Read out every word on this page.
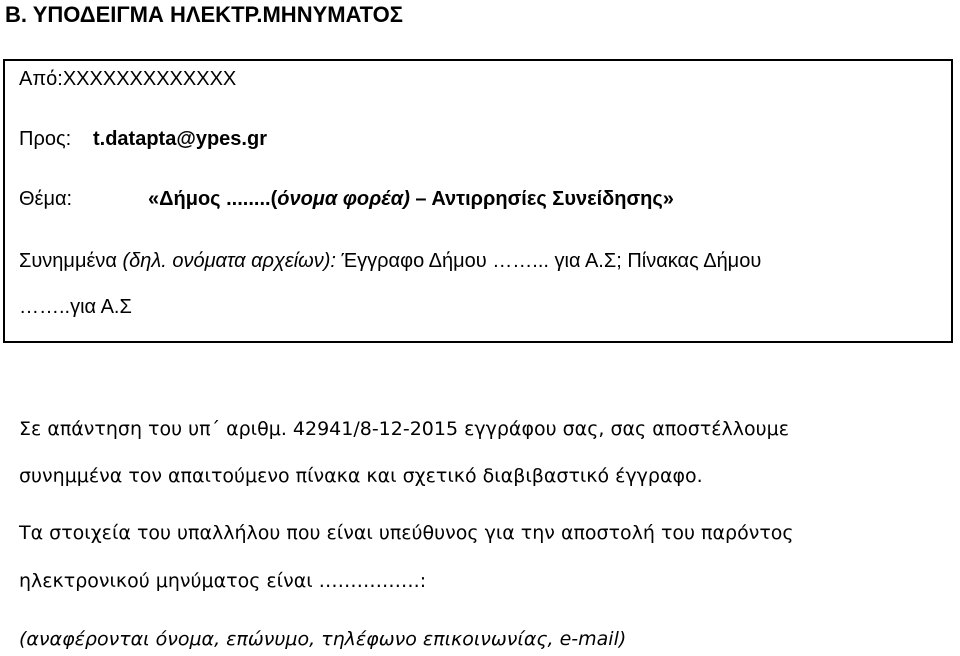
Β. ΥΠΟΔΕΙΓΜΑ ΗΛΕΚΤΡ.ΜΗΝΥΜΑΤΟΣ
Από:XXXXXXXXXXXXX
Προς: t.datapta@ypes.gr
Θέμα:	«Δήμος ........(όνομα φορέα) – Αντιρρησίες Συνείδησης»
Συνημμένα (δηλ. ονόματα αρχείων): Έγγραφο Δήμου ……... για Α.Σ; Πίνακας Δήμου
……..για Α.Σ
Σε απάντηση του υπ΄ αριθμ. 42941/8-12-2015 εγγράφου σας, σας αποστέλλουμε
συνημμένα τον απαιτούμενο πίνακα και σχετικό διαβιβαστικό έγγραφο.
Τα στοιχεία του υπαλλήλου που είναι υπεύθυνος για την αποστολή του παρόντος
ηλεκτρονικού μηνύματος είναι …………….:
(αναφέρονται όνομα, επώνυμο, τηλέφωνο επικοινωνίας, e-mail)
